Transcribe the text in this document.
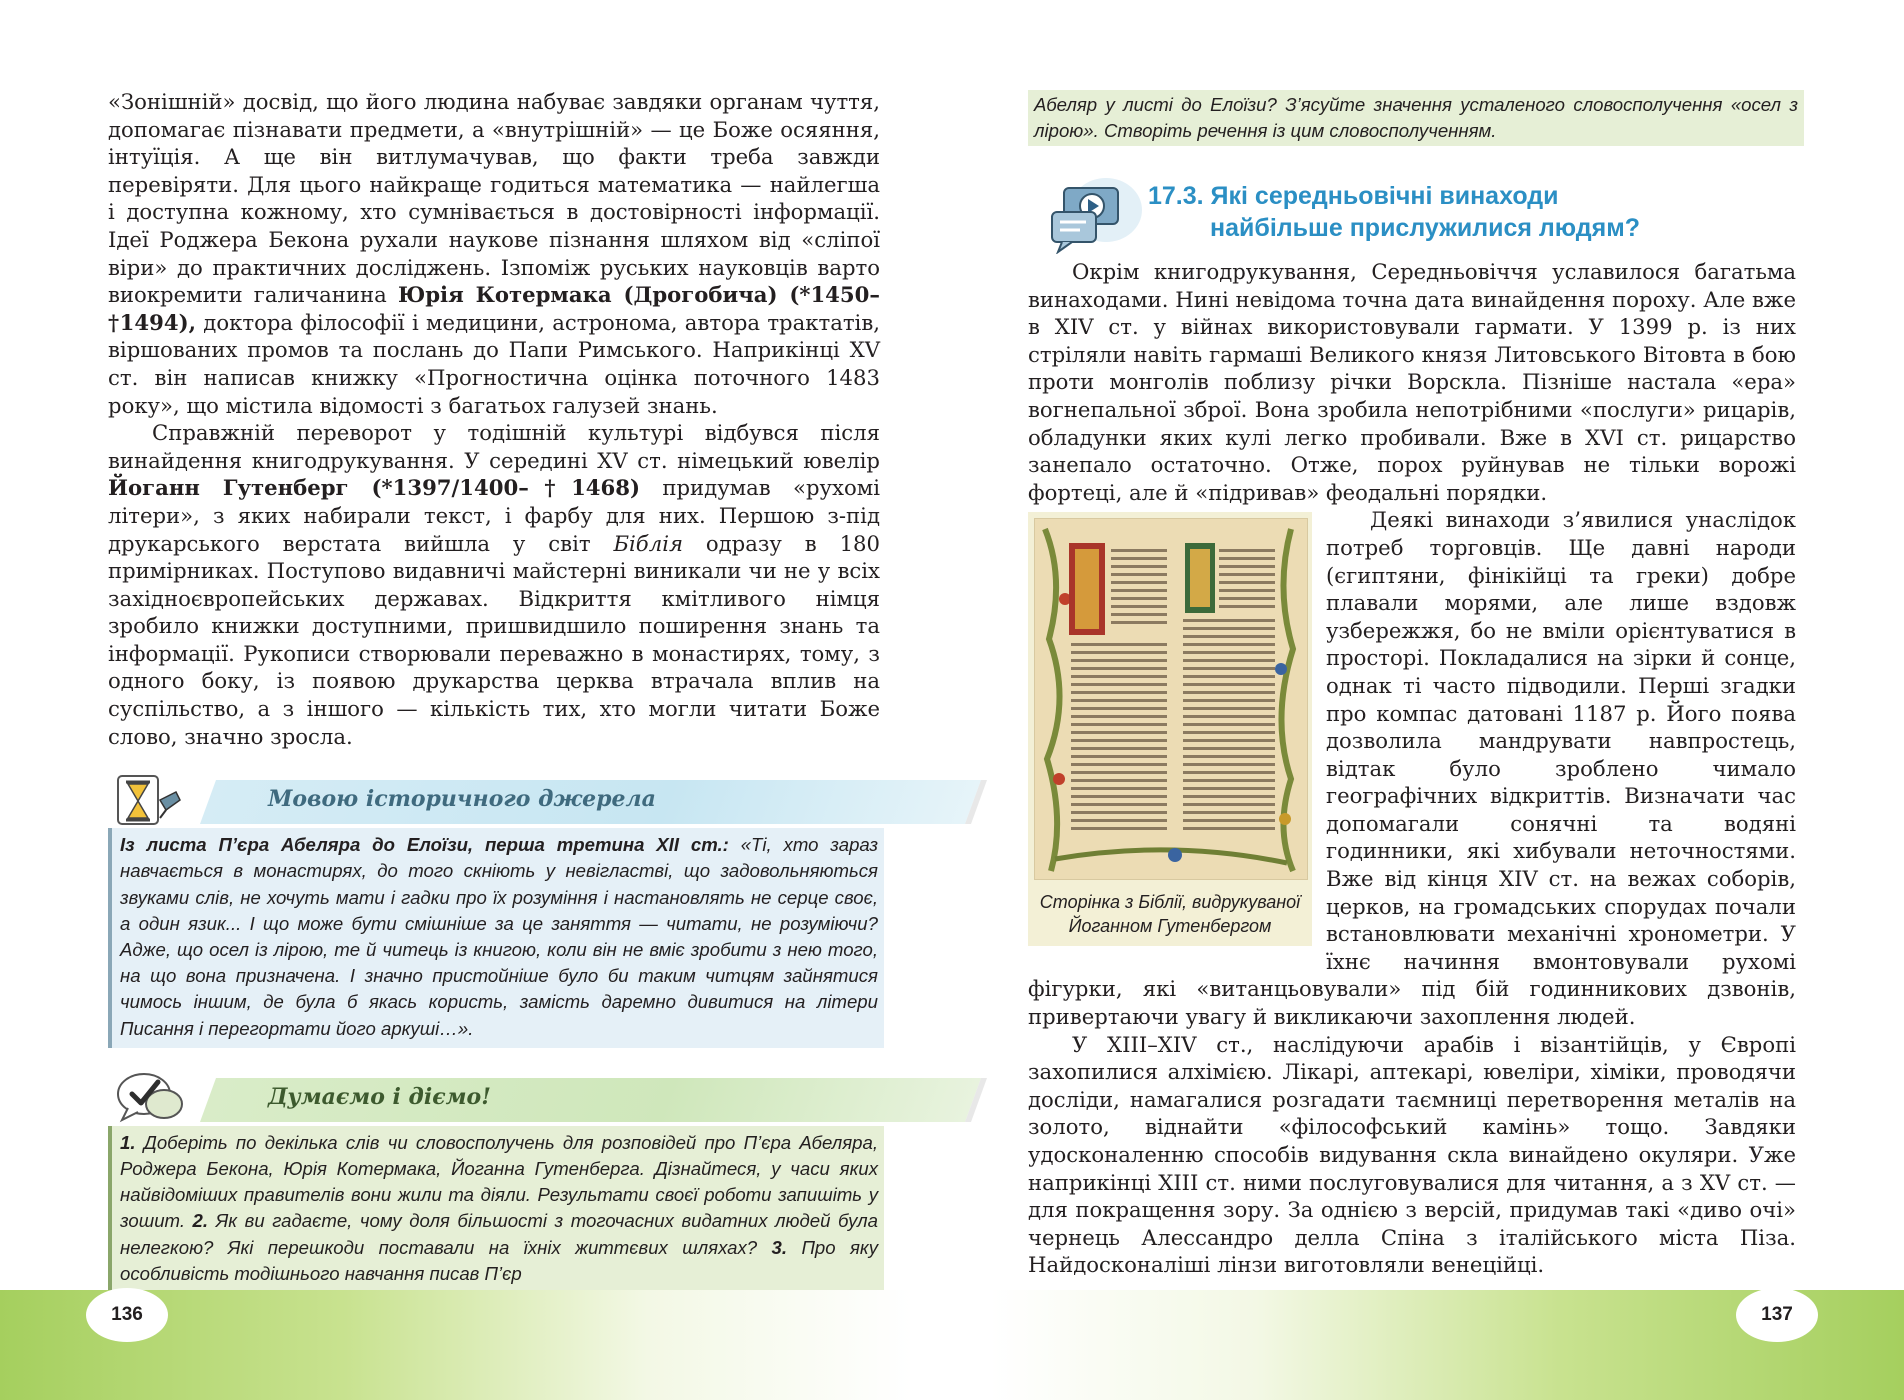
«Зонішній» досвід, що його людина набуває завдяки органам чуття, допомагає пізнавати предмети, а «внутрішній» — це Боже осяяння, інтуїція. А ще він витлумачував, що факти треба завжди перевіряти. Для цього найкраще годиться математика — найлегша і доступна кожному, хто сумнівається в достовірності інформації. Ідеї Роджера Бекона рухали наукове пізнання шляхом від «сліпої віри» до практичних досліджень. Ізпоміж руських науковців варто виокремити галичанина Юрія Котермака (Дрогобича) (*1450–†1494), доктора філософії і медицини, астронома, автора трактатів, віршованих промов та послань до Папи Римського. Наприкінці XV ст. він написав книжку «Прогностична оцінка поточного 1483 року», що містила відомості з багатьох галузей знань.

Справжній переворот у тодішній культурі відбувся після винайдення книгодрукування. У середині XV ст. німецький ювелір Йоганн Гутенберг (*1397/1400–†1468) придумав «рухомі літери», з яких набирали текст, і фарбу для них. Першою з-під друкарського верстата вийшла у світ Біблія одразу в 180 примірниках. Поступово видавничі майстерні виникали чи не у всіх західноєвропейських державах. Відкриття кмітливого німця зробило книжки доступними, пришвидшило поширення знань та інформації. Рукописи створювали переважно в монастирях, тому, з одного боку, із появою друкарства церква втрачала вплив на суспільство, а з іншого — кількість тих, хто могли читати Боже слово, значно зросла.

Мовою історичного джерела
Із листа П’єра Абеляра до Елоїзи, перша третина XII ст.: «Ті, хто зараз навчається в монастирях, до того скніють у невігластві, що задовольняються звуками слів, не хочуть мати і гадки про їх розуміння і настановлять не серце своє, а один язик... І що може бути смішніше за це заняття — читати, не розуміючи? Адже, що осел із лірою, те й читець із книгою, коли він не вміє зробити з нею того, на що вона призначена. І значно пристойніше було би таким читцям зайнятися чимось іншим, де була б якась користь, замість даремно дивитися на літери Писання і перегортати його аркуші…».
Думаємо і діємо!
1. Доберіть по декілька слів чи словосполучень для розповідей про П’єра Абеляра, Роджера Бекона, Юрія Котермака, Йоганна Гутенберга. Дізнайтеся, у часи яких найвідоміших правителів вони жили та діяли. Результати своєї роботи запишіть у зошит. 2. Як ви гадаєте, чому доля більшості з тогочасних видатних людей була нелегкою? Які перешкоди поставали на їхніх життєвих шляхах? 3. Про яку особливість тодішнього навчання писав П’єр
Абеляр у листі до Елоїзи? З’ясуйте значення усталеного словосполучення «осел з лірою». Створіть речення із цим словосполученням.
17.3. Які середньовічні винаходи
найбільше прислужилися людям?

Окрім книгодрукування, Середньовіччя уславилося багатьма винаходами. Нині невідома точна дата винайдення пороху. Але вже в XIV ст. у війнах використовували гармати. У 1399 р. із них стріляли навіть гармаші Великого князя Литовського Вітовта в бою проти монголів поблизу річки Ворскла. Пізніше настала «ера» вогнепальної зброї. Вона зробила непотрібними «послуги» рицарів, обладунки яких кулі легко пробивали. Вже в XVI ст. рицарство занепало остаточно. Отже, порох руйнував не тільки ворожі фортеці, але й «підривав» феодальні порядки.

Сторінка з Біблії, видрукуваної Йоганном Гутенбергом

Деякі винаходи з’явилися унаслідок потреб торговців. Ще давні народи (єгиптяни, фінікійці та греки) добре плавали морями, але лише вздовж узбережжя, бо не вміли орієнтуватися в просторі. Покладалися на зірки й сонце, однак ті часто підводили. Перші згадки про компас датовані 1187 р. Його поява дозволила мандрувати навпростець, відтак було зроблено чимало географічних відкриттів. Визначати час допомагали сонячні та водяні годинники, які хибували неточностями. Вже від кінця XIV ст. на вежах соборів, церков, на громадських спорудах почали встановлювати механічні хронометри. У їхнє начиння вмонтовували рухомі фігурки, які «витанцьовували» під бій годинникових дзвонів, привертаючи увагу й викликаючи захоплення людей.

У XIII–XIV ст., наслідуючи арабів і візантійців, у Європі захопилися алхімією. Лікарі, аптекарі, ювеліри, хіміки, проводячи досліди, намагалися розгадати таємниці перетворення металів на золото, віднайти «філософський камінь» тощо. Завдяки удосконаленню способів видування скла винайдено окуляри. Уже наприкінці XIII ст. ними послуговувалися для читання, а з XV ст. — для покращення зору. За однією з версій, придумав такі «диво очі» чернець Алессандро делла Спіна з італійського міста Піза. Найдосконаліші лінзи виготовляли венеційці.

136	137
